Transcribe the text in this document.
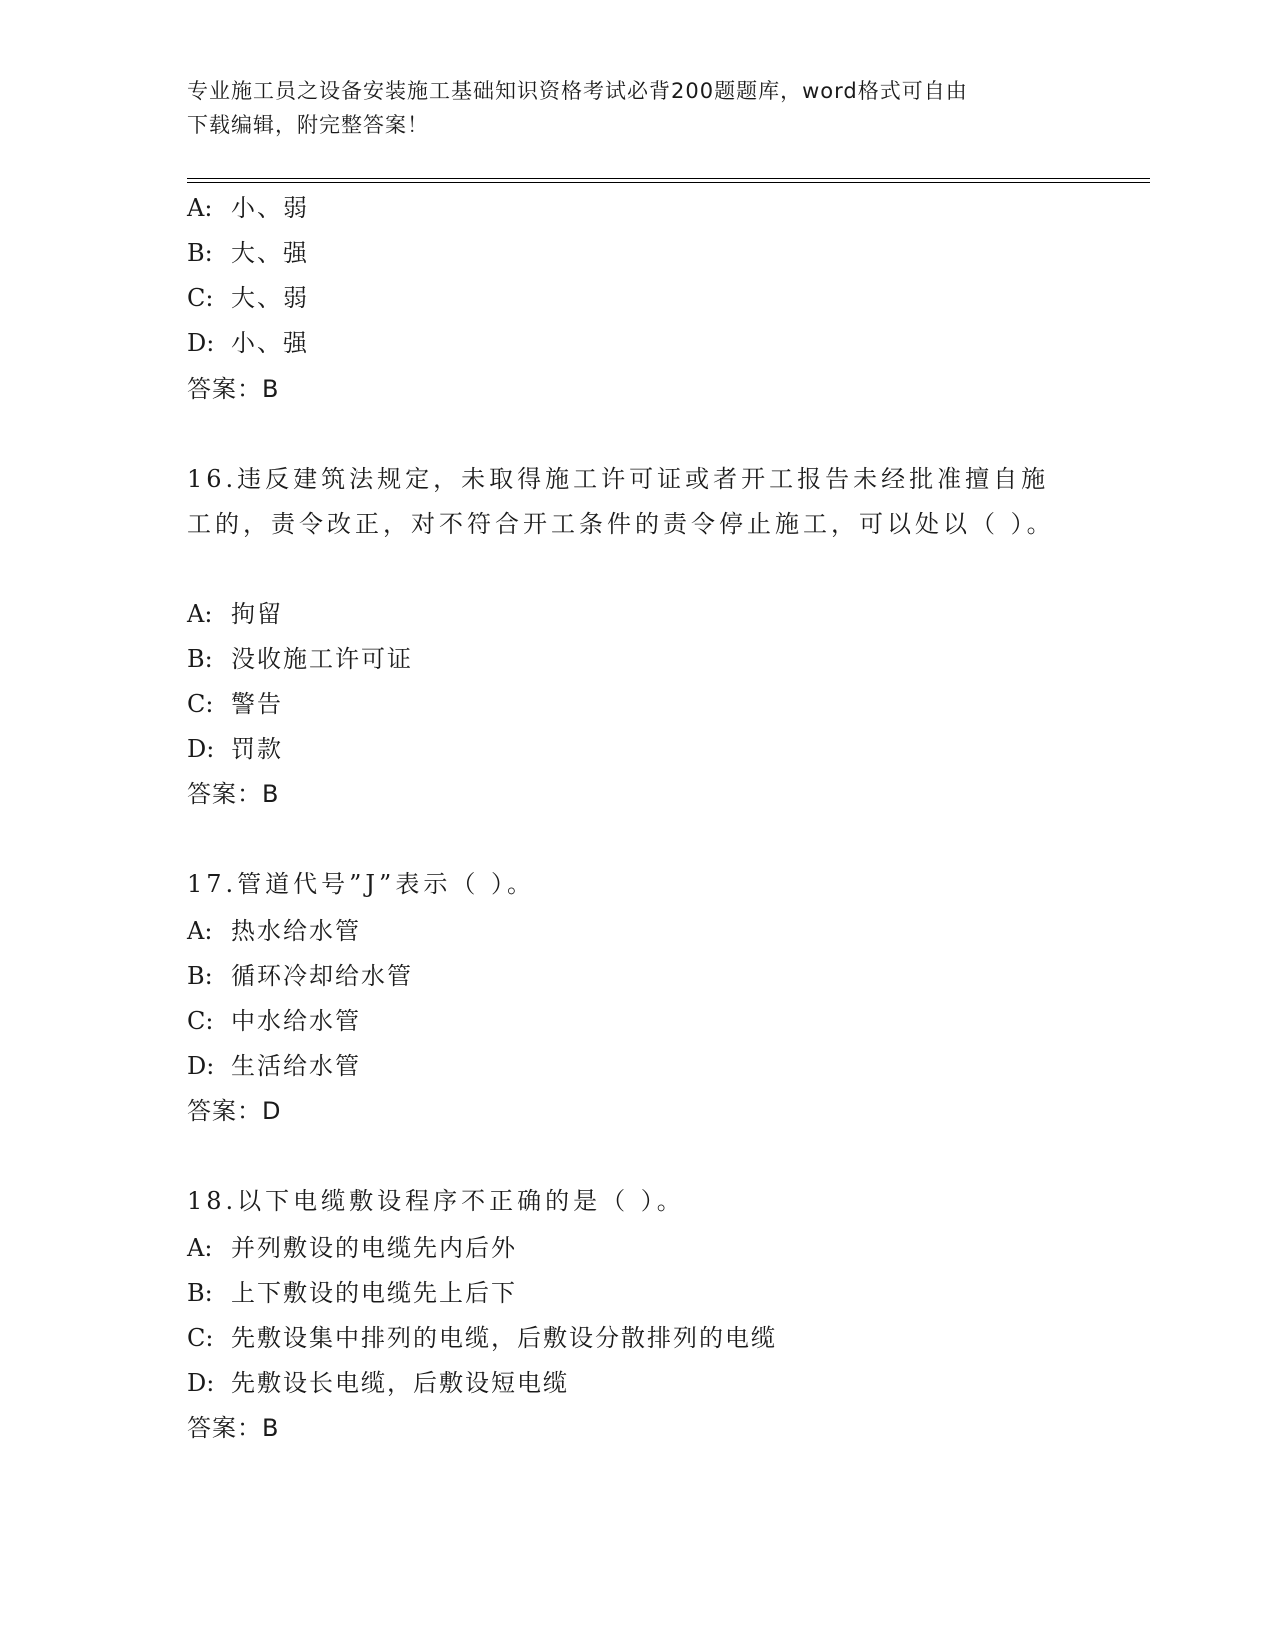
专业施工员之设备安装施工基础知识资格考试必背200题题库，word格式可自由
下载编辑，附完整答案！
A: 小、弱
B: 大、强
C: 大、弱
D: 小、强
答案：B
16.违反建筑法规定，未取得施工许可证或者开工报告未经批准擅自施工的，责令改正，对不符合开工条件的责令停止施工，可以处以（ ）。
A: 拘留
B: 没收施工许可证
C: 警告
D: 罚款
答案：B
17.管道代号”J”表示（ ）。
A: 热水给水管
B: 循环冷却给水管
C: 中水给水管
D: 生活给水管
答案：D
18.以下电缆敷设程序不正确的是（ ）。
A: 并列敷设的电缆先内后外
B: 上下敷设的电缆先上后下
C: 先敷设集中排列的电缆，后敷设分散排列的电缆
D: 先敷设长电缆，后敷设短电缆
答案：B
